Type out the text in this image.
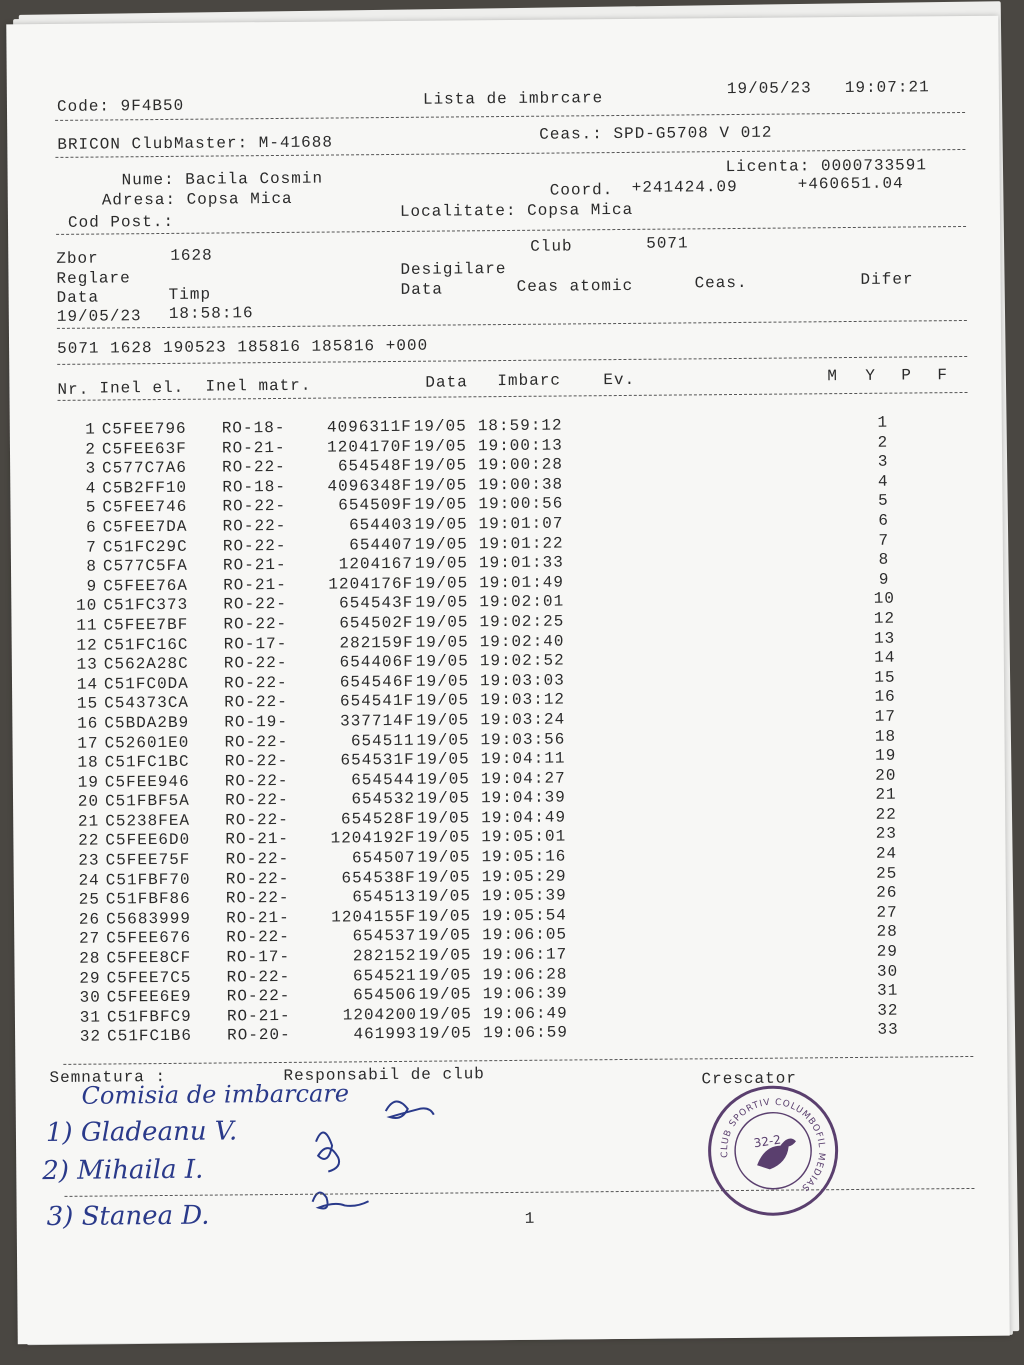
Code: 9F4B50	Lista de imbrcare
19/05/23 19:07:21
BRICON ClubMaster: M-41688	Ceas.: SPD-G5708 V 012
Licenta: 0000733591
Nume: Bacila Cosmin
Coord. +241424.09	+460651.04
Adresa: Copsa Mica
Cod Post.:
Localitate: Copsa Mica
Zbor	1628	Club	5071
Reglare	Desigilare
Data	Timp	Data	Ceas atomic	Ceas.	Difer
19/05/23 18:58:16
5071 1628 190523 185816 185816 +000
Nr. Inel el. Inel matr.	Data Imbarc	Ev.	M Y P F
1 C5FEE796	RO-18-	4096311F 19/05 18:59:12	1
2 C5FEE63F	RO-21-	1204170F 19/05 19:00:13	2
3 C577C7A6	RO-22-	654548F 19/05 19:00:28	3
4 C5B2FF10	RO-18-	4096348F 19/05 19:00:38	4
5 C5FEE746	RO-22-	654509F 19/05 19:00:56	5
6 C5FEE7DA	RO-22-	654403 19/05 19:01:07	6
7 C51FC29C	RO-22-	654407 19/05 19:01:22	7
8 C577C5FA	RO-21-	1204167 19/05 19:01:33	8
9 C5FEE76A	RO-21-	1204176F 19/05 19:01:49	9
10 C51FC373	RO-22-	654543F 19/05 19:02:01	10
11 C5FEE7BF	RO-22-	654502F 19/05 19:02:25	12
12 C51FC16C	RO-17-	282159F 19/05 19:02:40	13
13 C562A28C	RO-22-	654406F 19/05 19:02:52	14
14 C51FC0DA	RO-22-	654546F 19/05 19:03:03	15
15 C54373CA	RO-22-	654541F 19/05 19:03:12	16
16 C5BDA2B9	RO-19-	337714F 19/05 19:03:24	17
17 C52601E0	RO-22-	654511 19/05 19:03:56	18
18 C51FC1BC	RO-22-	654531F 19/05 19:04:11	19
19 C5FEE946	RO-22-	654544 19/05 19:04:27	20
20 C51FBF5A	RO-22-	654532 19/05 19:04:39	21
21 C5238FEA	RO-22-	654528F 19/05 19:04:49	22
22 C5FEE6D0	RO-21-	1204192F 19/05 19:05:01	23
23 C5FEE75F	RO-22-	654507 19/05 19:05:16	24
24 C51FBF70	RO-22-	654538F 19/05 19:05:29	25
25 C51FBF86	RO-22-	654513 19/05 19:05:39	26
26 C5683999	RO-21-	1204155F 19/05 19:05:54	27
27 C5FEE676	RO-22-	654537 19/05 19:06:05	28
28 C5FEE8CF	RO-17-	282152 19/05 19:06:17	29
29 C5FEE7C5	RO-22-	654521 19/05 19:06:28	30
30 C5FEE6E9	RO-22-	654506 19/05 19:06:39	31
31 C51FBFC9	RO-21-	1204200 19/05 19:06:49	32
32 C51FC1B6	RO-20-	461993 19/05 19:06:59	33
Semnatura :	Responsabil de club	Crescator
Comisia de imbarcare
1) Gladeanu V.
2) Mihaila I.
3) Stanea D.	1
CLUB SPORTIV COLUMBOFIL MEDIAS
32-2
